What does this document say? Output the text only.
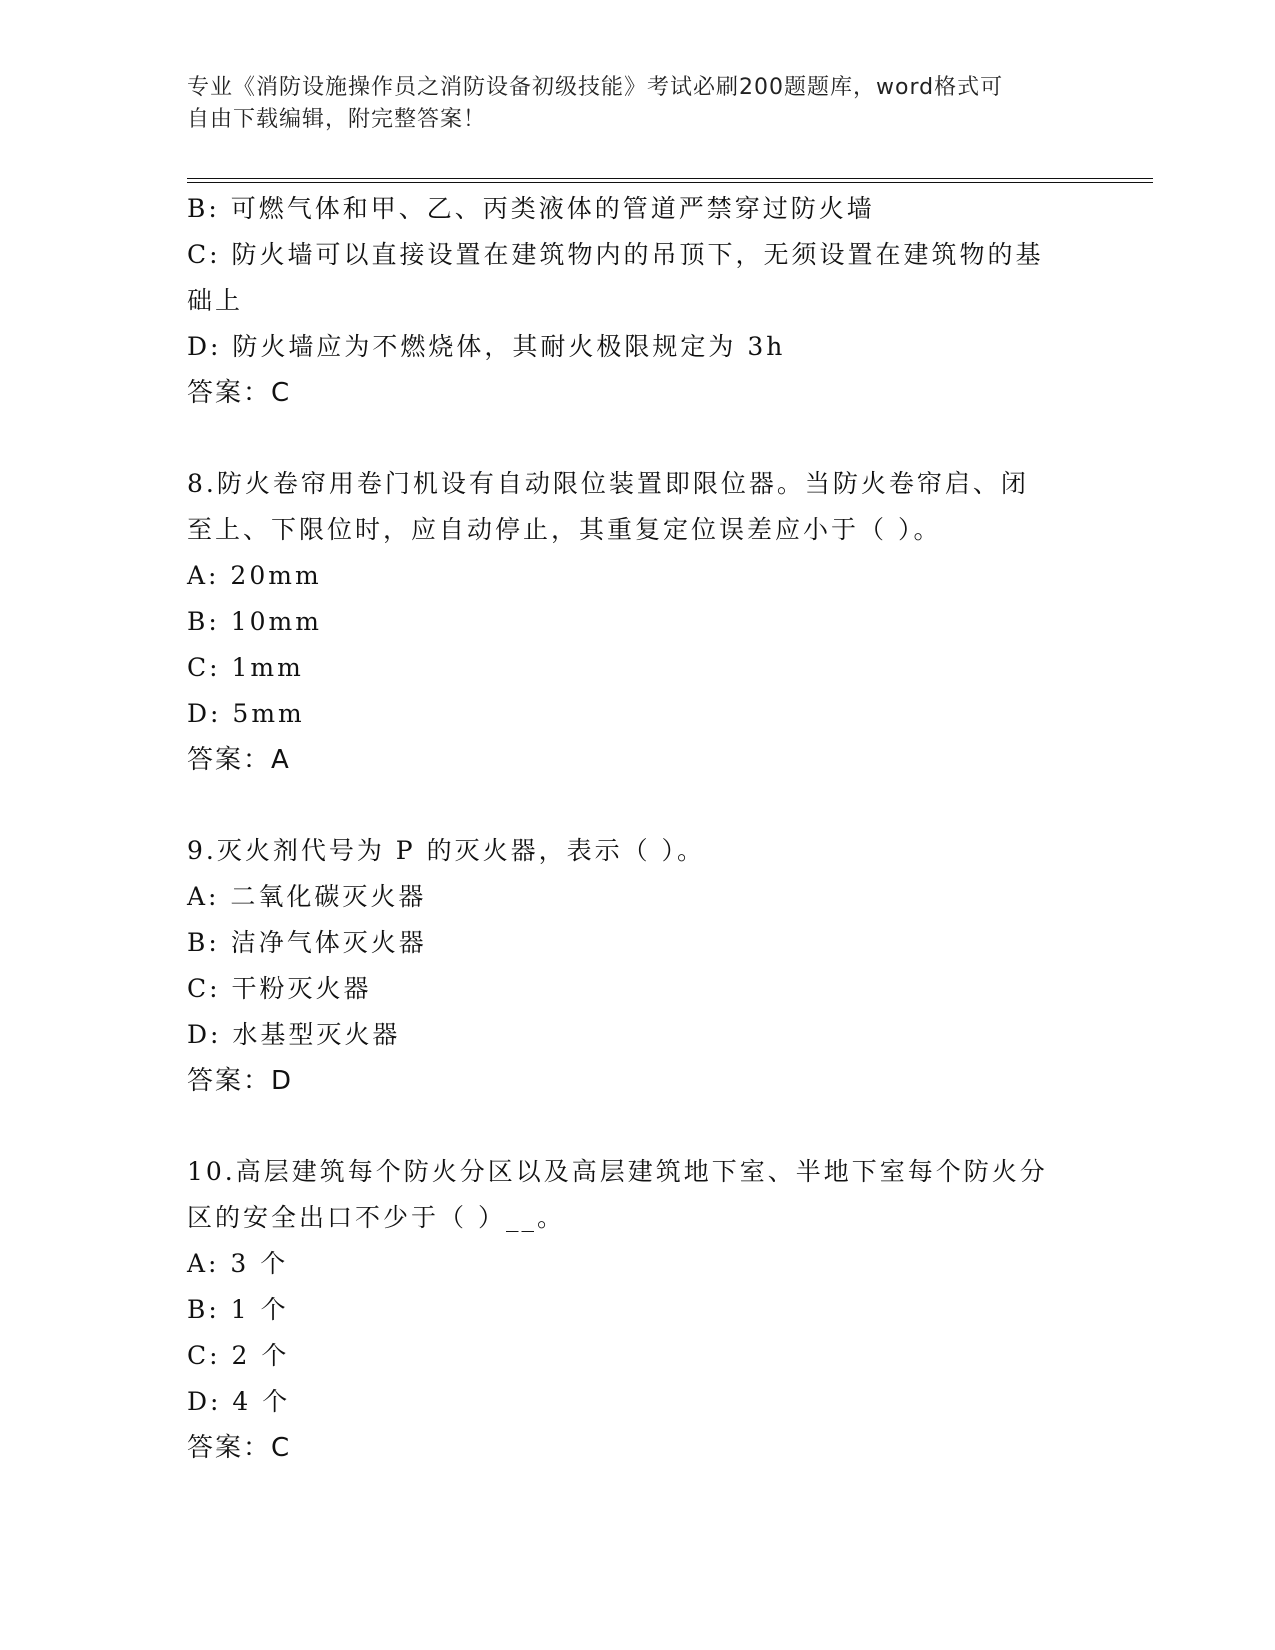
专业《消防设施操作员之消防设备初级技能》考试必刷200题题库，word格式可
自由下载编辑，附完整答案！
B: 可燃气体和甲、乙、丙类液体的管道严禁穿过防火墙
C: 防火墙可以直接设置在建筑物内的吊顶下，无须设置在建筑物的基
础上
D: 防火墙应为不燃烧体，其耐火极限规定为 3h
答案：C
8.防火卷帘用卷门机设有自动限位装置即限位器。当防火卷帘启、闭
至上、下限位时，应自动停止，其重复定位误差应小于（ ）。
A: 20mm
B: 10mm
C: 1mm
D: 5mm
答案：A
9.灭火剂代号为 P 的灭火器，表示（ ）。
A: 二氧化碳灭火器
B: 洁净气体灭火器
C: 干粉灭火器
D: 水基型灭火器
答案：D
10.高层建筑每个防火分区以及高层建筑地下室、半地下室每个防火分
区的安全出口不少于（ ）__。
A: 3 个
B: 1 个
C: 2 个
D: 4 个
答案：C
